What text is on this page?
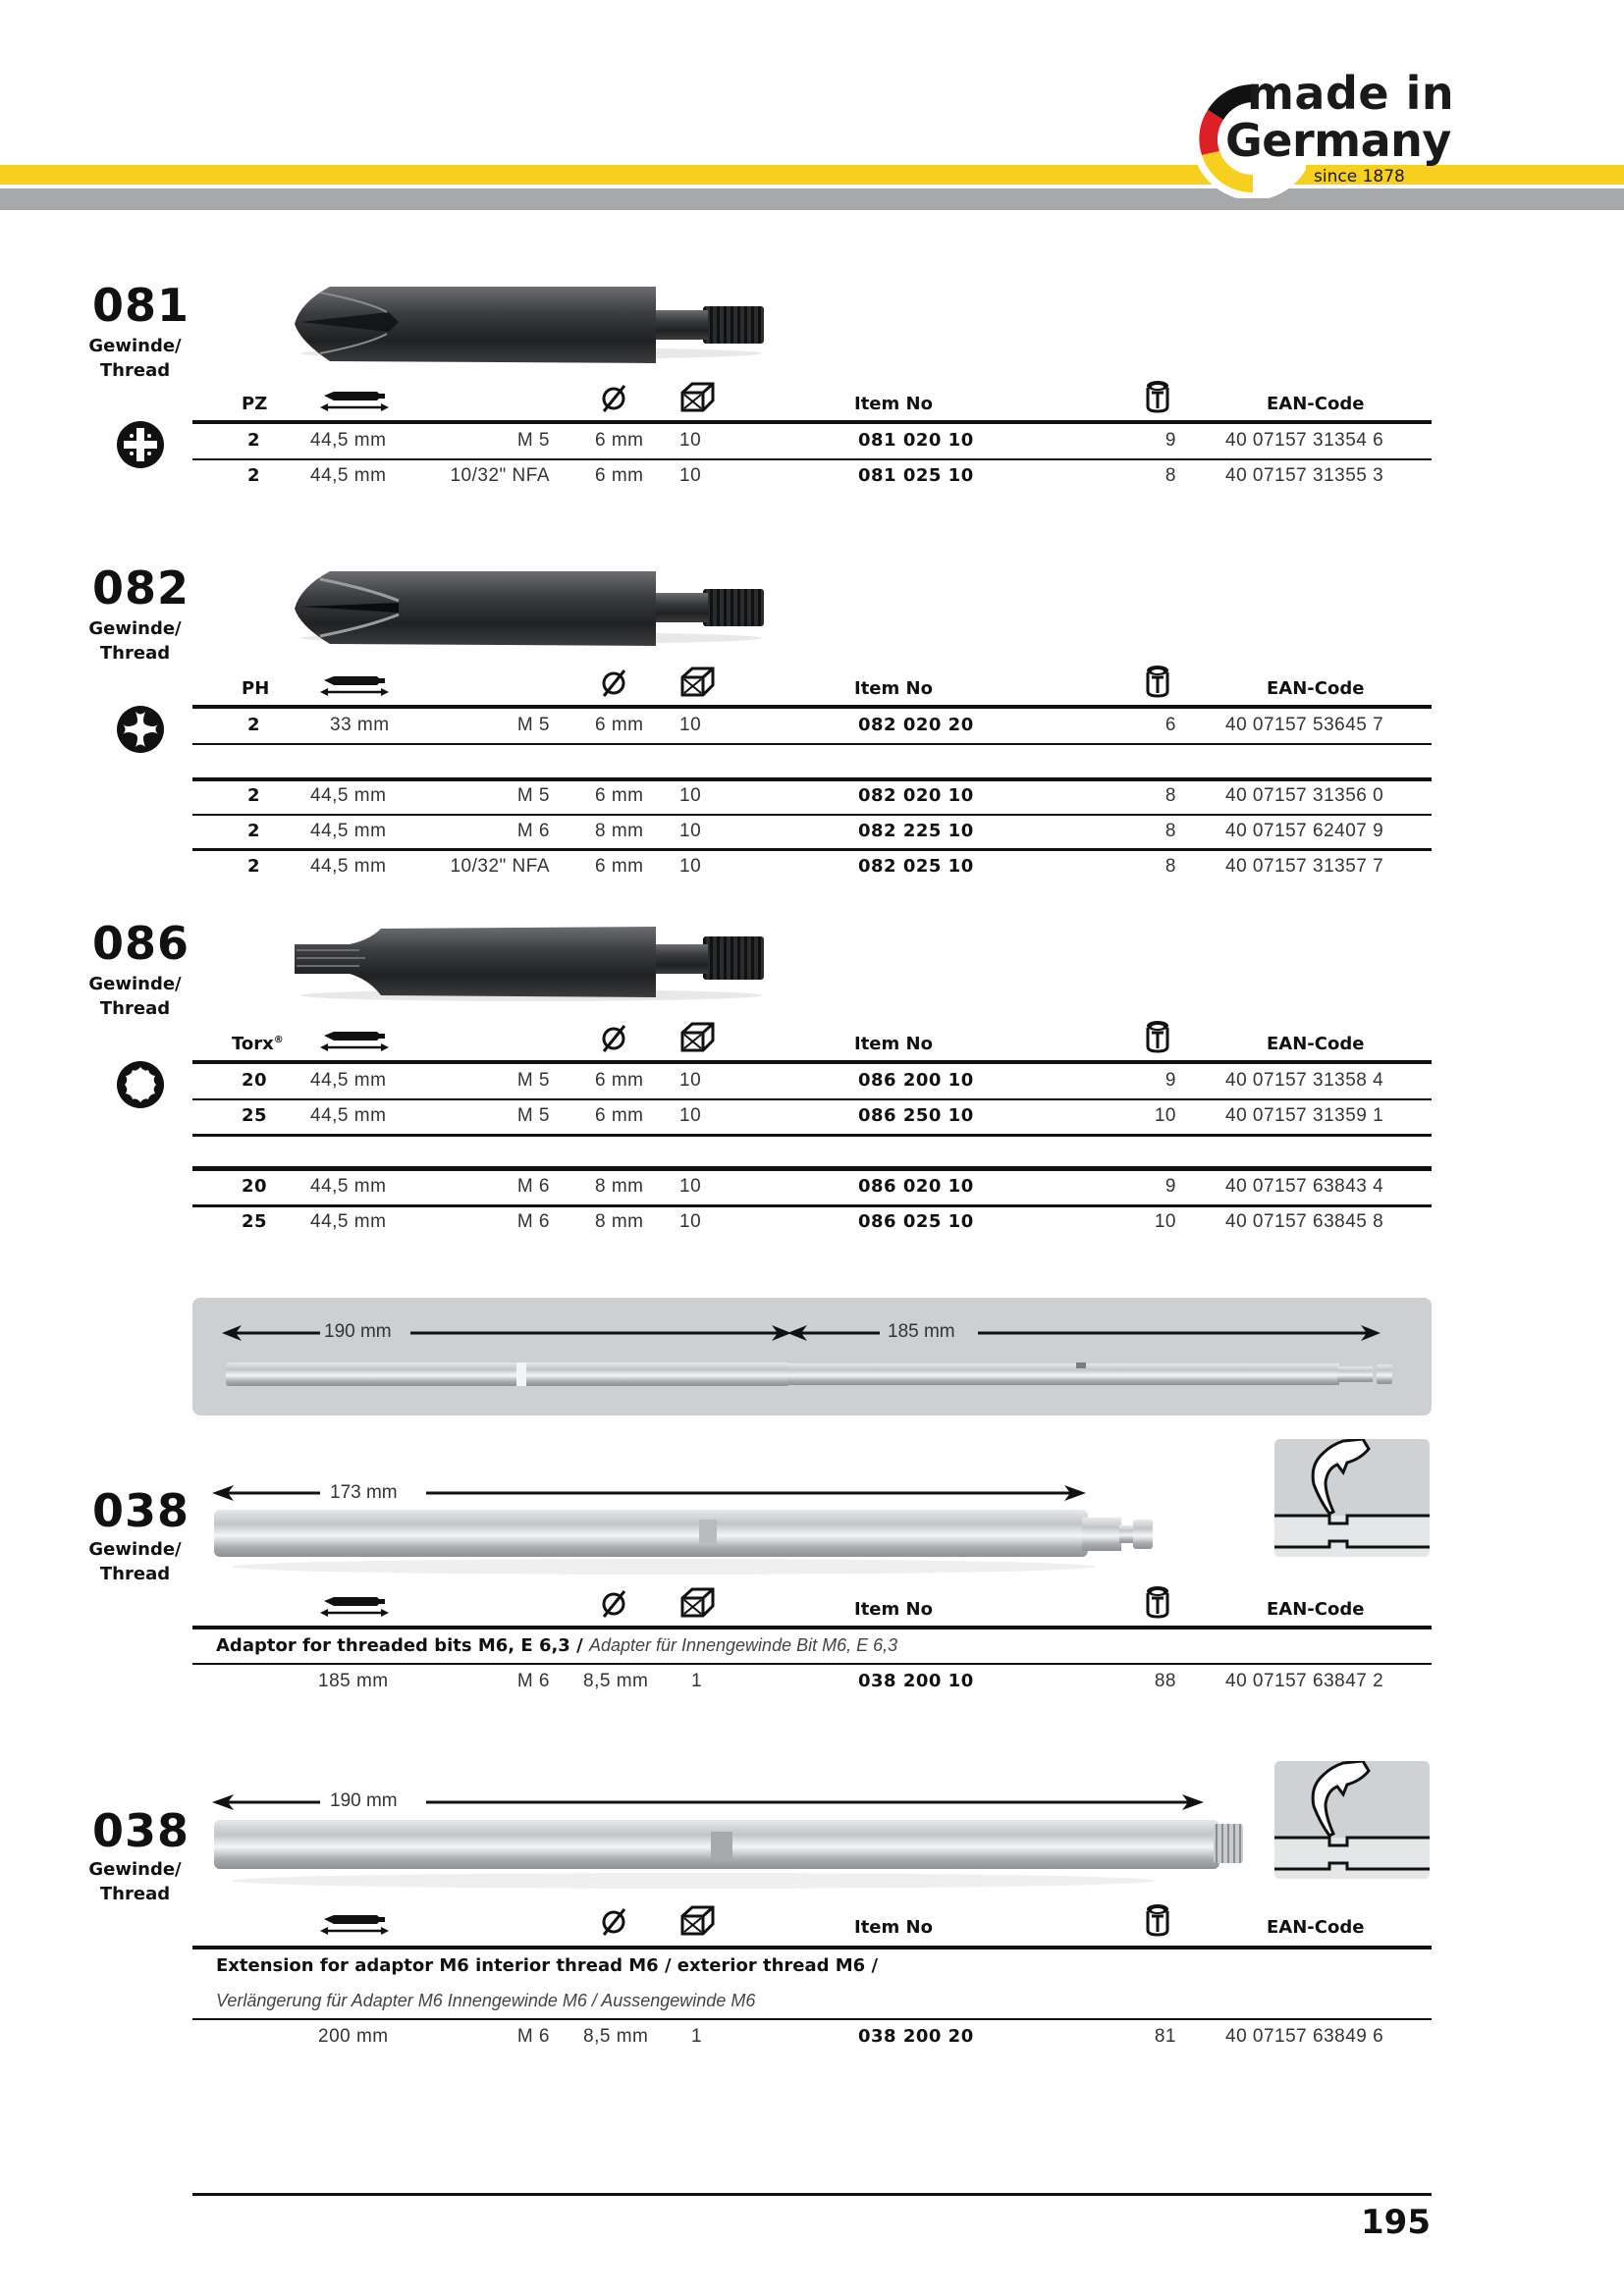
made in
Germany
since 1878
081
Gewinde/
Thread
PZ	Item No	EAN-Code
2	44,5 mm	M 5 6 mm 10	081 020 10	9	40 07157 31354 6
2	44,5 mm	10/32" NFA 6 mm 10	081 025 10	8	40 07157 31355 3
082
Gewinde/
Thread
PH	Item No	EAN-Code
2	33 mm	M 5 6 mm 10	082 020 20	6	40 07157 53645 7
2	44,5 mm	M 5 6 mm 10	082 020 10	8	40 07157 31356 0
2	44,5 mm	M 6 8 mm 10	082 225 10	8	40 07157 62407 9
2	44,5 mm	10/32" NFA 6 mm 10	082 025 10	8	40 07157 31357 7
086
Gewinde/
Thread
Torx®	Item No	EAN-Code
20 44,5 mm	M 5 6 mm 10	086 200 10	9	40 07157 31358 4
25 44,5 mm	M 5 6 mm 10	086 250 10	10	40 07157 31359 1
20 44,5 mm	M 6 8 mm 10	086 020 10	9	40 07157 63843 4
25 44,5 mm	M 6 8 mm 10	086 025 10	10	40 07157 63845 8
190 mm	185 mm
038
Gewinde/
Thread
173 mm
Item No	EAN-Code
Adaptor for threaded bits M6, E 6,3 / Adapter für Innengewinde Bit M6, E 6,3
185 mm	M 6 8,5 mm 1	038 200 10	88	40 07157 63847 2
038
Gewinde/
Thread
190 mm
Item No	EAN-Code
Extension for adaptor M6 interior thread M6 / exterior thread M6 /
Verlängerung für Adapter M6 Innengewinde M6 / Aussengewinde M6
200 mm	M 6 8,5 mm 1	038 200 20	81	40 07157 63849 6
195
